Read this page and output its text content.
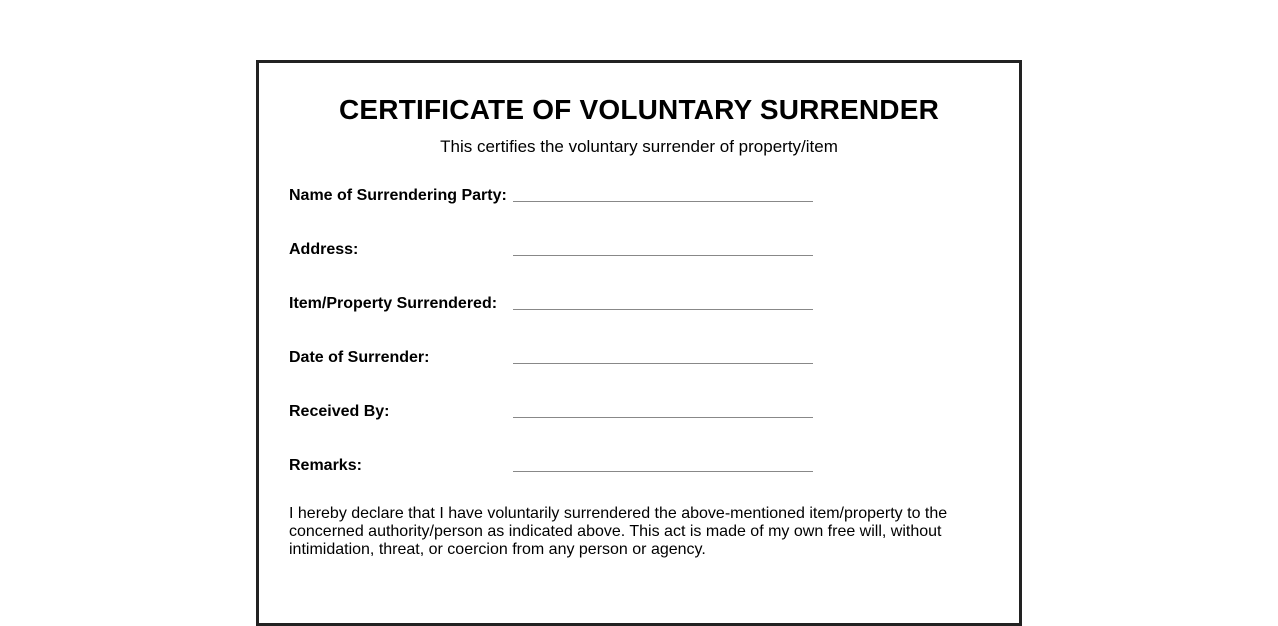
CERTIFICATE OF VOLUNTARY SURRENDER

This certifies the voluntary surrender of property/item

Name of Surrendering Party:
Address:
Item/Property Surrendered:
Date of Surrender:
Received By:
Remarks:

I hereby declare that I have voluntarily surrendered the above-mentioned item/property to the concerned authority/person as indicated above. This act is made of my own free will, without intimidation, threat, or coercion from any person or agency.
